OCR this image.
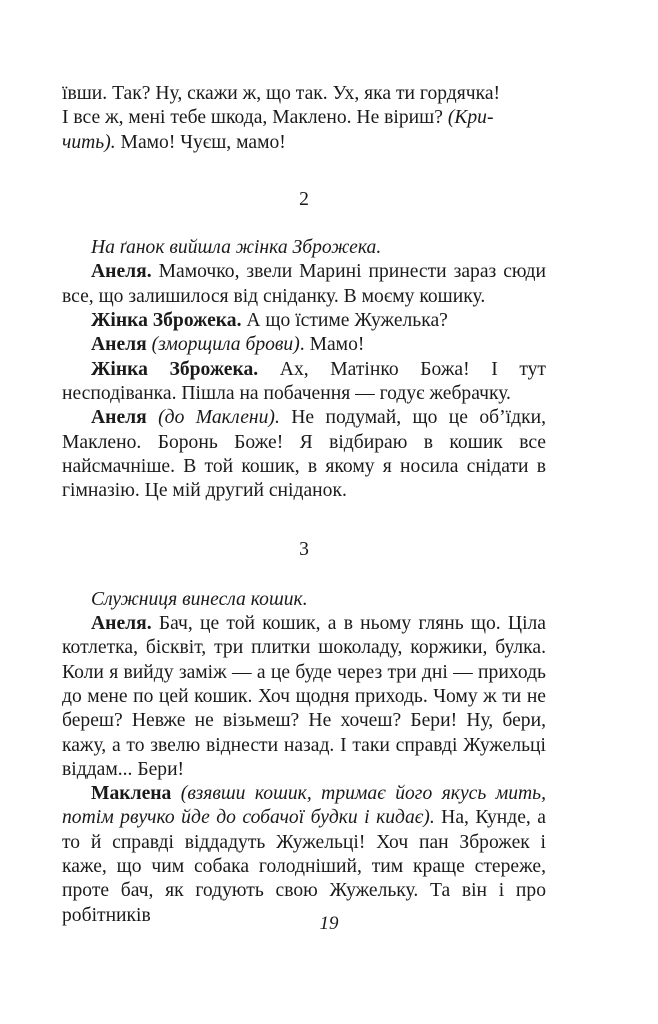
ївши. Так? Ну, скажи ж, що так. Ух, яка ти гордячка!
І все ж, мені тебе шкода, Маклено. Не віриш? (Кри-
чить). Мамо! Чуєш, мамо!

2

На ґанок вийшла жінка Зброжека.

Анеля. Мамочко, звели Марині принести зараз сюди все, що залишилося від сніданку. В моєму кошику.

Жінка Зброжека. А що їстиме Жужелька?

Анеля (зморщила брови). Мамо!

Жінка Зброжека. Ах, Матінко Божа! І тут несподіванка. Пішла на побачення — годує жебрачку.

Анеля (до Маклени). Не подумай, що це об’їдки, Маклено. Боронь Боже! Я відбираю в кошик все найсмачніше. В той кошик, в якому я носила снідати в гімназію. Це мій другий сніданок.

3

Служниця винесла кошик.

Анеля. Бач, це той кошик, а в ньому глянь що. Ціла котлетка, бісквіт, три плитки шоколаду, коржики, булка. Коли я вийду заміж — а це буде через три дні — приходь до мене по цей кошик. Хоч щодня приходь. Чому ж ти не береш? Невже не візьмеш? Не хочеш? Бери! Ну, бери, кажу, а то звелю віднести назад. І таки справді Жужельці віддам... Бери!

Маклена (взявши кошик, тримає його якусь мить, потім рвучко йде до собачої будки і кидає). На, Кунде, а то й справді віддадуть Жужельці! Хоч пан Зброжек і каже, що чим собака голодніший, тим краще стереже, проте бач, як годують свою Жужельку. Та він і про робітників	19
